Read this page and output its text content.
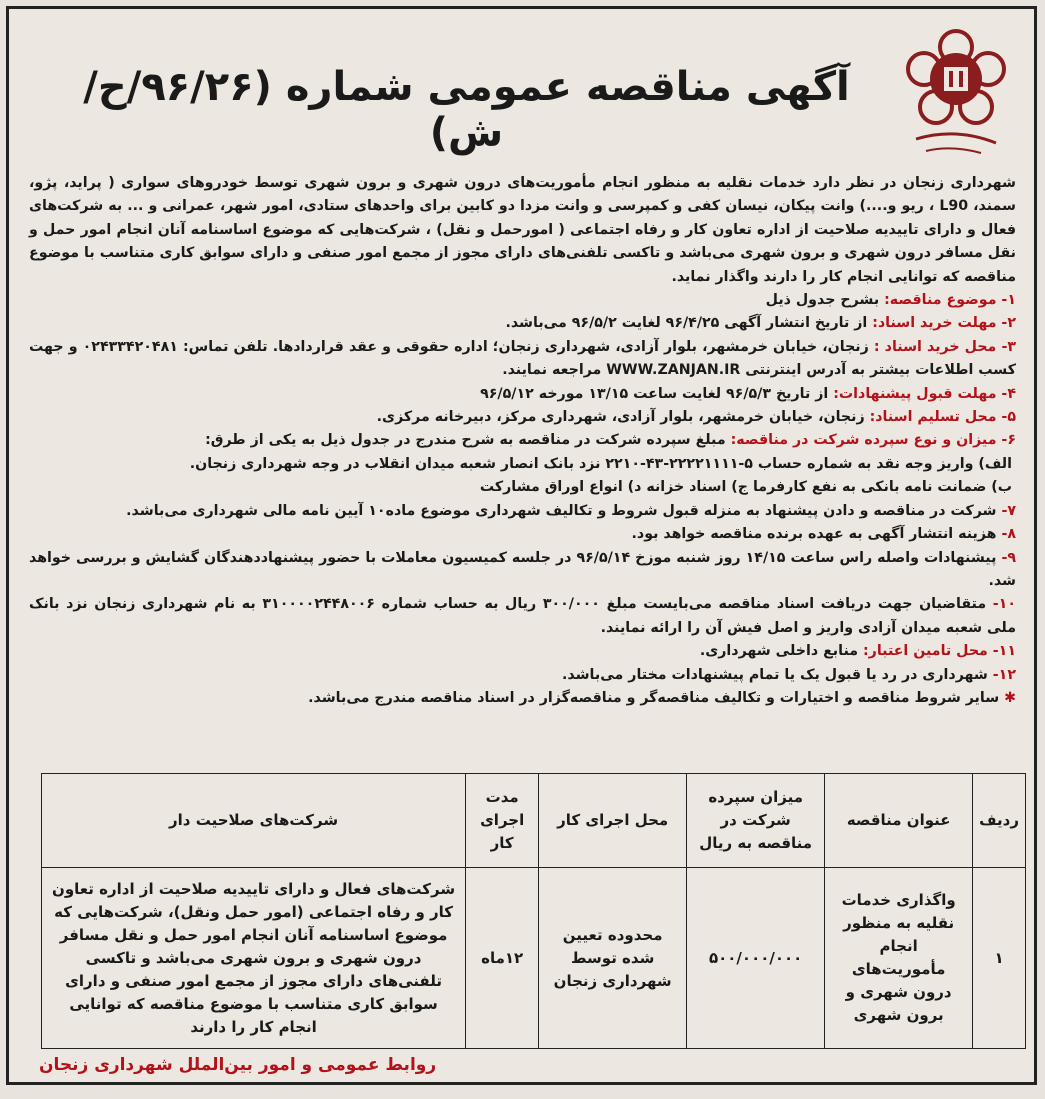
آگهی مناقصه عمومی شماره (۹۶/۲۶/ح/ش)

شهرداری زنجان در نظر دارد خدمات نقلیه به منظور انجام مأموریت‌های درون شهری و برون شهری توسط خودروهای سواری ( پراید، پژو، سمند، L90 ، ریو و....) وانت پیکان، نیسان کفی و کمپرسی و وانت مزدا دو کابین برای واحدهای ستادی، امور شهر، عمرانی و ... به شرکت‌های فعال و دارای تاییدیه صلاحیت از اداره تعاون کار و رفاه اجتماعی ( امورحمل و نقل) ، شرکت‌هایی که موضوع اساسنامه آنان انجام امور حمل و نقل مسافر درون شهری و برون شهری می‌باشد و تاکسی تلفنی‌های دارای مجوز از مجمع امور صنفی و دارای سوابق کاری متناسب با موضوع مناقصه که توانایی انجام کار را دارند واگذار نماید.

۱- موضوع مناقصه: بشرح جدول ذیل

۲- مهلت خرید اسناد: از تاریخ انتشار آگهی ۹۶/۴/۲۵ لغایت ۹۶/۵/۲ می‌باشد.

۳- محل خرید اسناد : زنجان، خیابان خرمشهر، بلوار آزادی، شهرداری زنجان؛ اداره حقوقی و عقد قراردادها. تلفن تماس: ۰۲۴۳۳۴۲۰۴۸۱ و جهت کسب اطلاعات بیشتر به آدرس اینترنتی WWW.ZANJAN.IR مراجعه نمایند.

۴- مهلت قبول پیشنهادات: از تاریخ ۹۶/۵/۳ لغایت ساعت ۱۳/۱۵ مورخه ۹۶/۵/۱۲

۵- محل تسلیم اسناد: زنجان، خیابان خرمشهر، بلوار آزادی، شهرداری مرکز، دبیرخانه مرکزی.

۶- میزان و نوع سپرده شرکت در مناقصه: مبلغ سپرده شرکت در مناقصه به شرح مندرج در جدول ذیل به یکی از طرق:

الف) واریز وجه نقد به شماره حساب ۵-۲۲۲۲۱۱۱۱-۴۳-۲۲۱۰ نزد بانک انصار شعبه میدان انقلاب در وجه شهرداری زنجان.

ب) ضمانت نامه بانکی به نفع کارفرما ج) اسناد خزانه د) انواع اوراق مشارکت

۷- شرکت در مناقصه و دادن پیشنهاد به منزله قبول شروط و تکالیف شهرداری موضوع ماده۱۰ آیین نامه مالی شهرداری می‌باشد.

۸- هزینه انتشار آگهی به عهده برنده مناقصه خواهد بود.

۹- پیشنهادات واصله راس ساعت ۱۴/۱۵ روز شنبه موزخ ۹۶/۵/۱۴ در جلسه کمیسیون معاملات با حضور پیشنهاددهندگان گشایش و بررسی خواهد شد.

۱۰- متقاضیان جهت دریافت اسناد مناقصه می‌بایست مبلغ ۳۰۰/۰۰۰ ریال به حساب شماره ۳۱۰۰۰۰۲۴۴۸۰۰۶ به نام شهرداری زنجان نزد بانک ملی شعبه میدان آزادی واریز و اصل فیش آن را ارائه نمایند.

۱۱- محل تامین اعتبار: منابع داخلی شهرداری.

۱۲- شهرداری در رد یا قبول یک یا تمام پیشنهادات مختار می‌باشد.

✱ سایر شروط مناقصه و اختیارات و تکالیف مناقصه‌گر و مناقصه‌گزار در اسناد مناقصه مندرج می‌باشد.

ردیف	عنوان مناقصه	میزان سپرده شرکت در مناقصه به ریال	محل اجرای کار	مدت اجرای کار	شرکت‌های صلاحیت دار
۱	واگذاری خدمات نقلیه به منظور انجام مأموریت‌های درون شهری و برون شهری	۵۰۰/۰۰۰/۰۰۰	محدوده تعیین شده توسط شهرداری زنجان	۱۲ماه	شرکت‌های فعال و دارای تاییدیه صلاحیت از اداره تعاون کار و رفاه اجتماعی (امور حمل ونقل)، شرکت‌هایی که موضوع اساسنامه آنان انجام امور حمل و نقل مسافر درون شهری و برون شهری می‌باشد و تاکسی تلفنی‌های دارای مجوز از مجمع امور صنفی و دارای سوابق کاری متناسب با موضوع مناقصه که توانایی انجام کار را دارند
روابط عمومی و امور بین‌الملل شهرداری زنجان
